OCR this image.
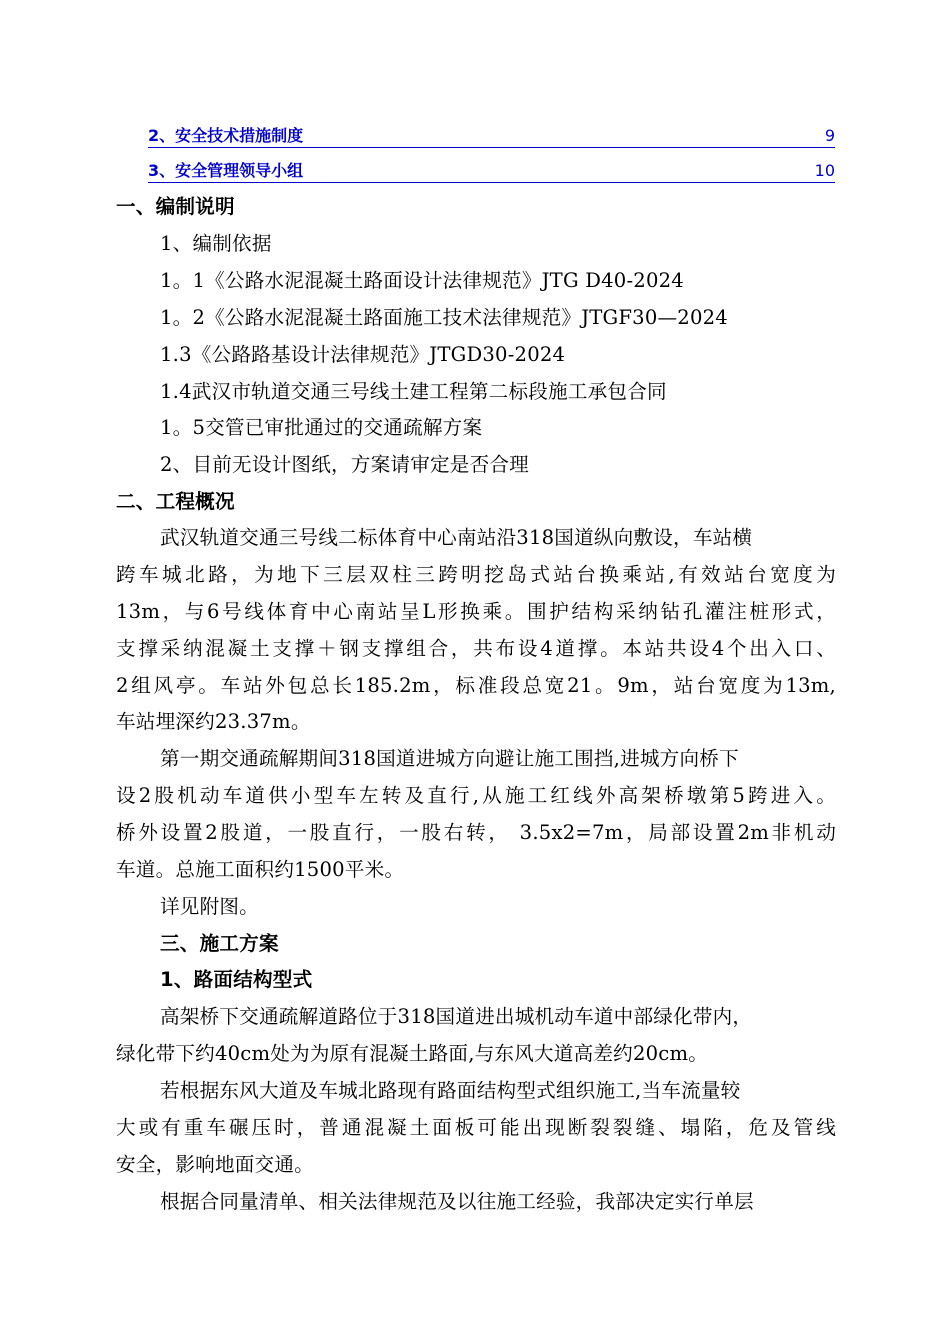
2、安全技术措施制度	9
3、安全管理领导小组	10
一、编制说明
1、编制依据
1。1《公路水泥混凝土路面设计法律规范》JTG D40-2024
1。2《公路水泥混凝土路面施工技术法律规范》JTGF30—2024
1.3《公路路基设计法律规范》JTGD30-2024
1.4武汉市轨道交通三号线土建工程第二标段施工承包合同
1。5交管已审批通过的交通疏解方案
2、目前无设计图纸，方案请审定是否合理
二、工程概况
武汉轨道交通三号线二标体育中心南站沿318国道纵向敷设，车站横
跨车城北路，为地下三层双柱三跨明挖岛式站台换乘站,有效站台宽度为
13m，与6号线体育中心南站呈L形换乘。围护结构采纳钻孔灌注桩形式，
支撑采纳混凝土支撑＋钢支撑组合，共布设4道撑。本站共设4个出入口、
2组风亭。车站外包总长185.2m，标准段总宽21。9m，站台宽度为13m,
车站埋深约23.37m。
第一期交通疏解期间318国道进城方向避让施工围挡,进城方向桥下
设2股机动车道供小型车左转及直行,从施工红线外高架桥墩第5跨进入。
桥外设置2股道，一股直行，一股右转， 3.5x2=7m，局部设置2m非机动
车道。总施工面积约1500平米。
详见附图。
三、施工方案
1、路面结构型式
高架桥下交通疏解道路位于318国道进出城机动车道中部绿化带内，
绿化带下约40cm处为为原有混凝土路面,与东风大道高差约20cm。
若根据东风大道及车城北路现有路面结构型式组织施工,当车流量较
大或有重车碾压时，普通混凝土面板可能出现断裂裂缝、塌陷，危及管线
安全，影响地面交通。
根据合同量清单、相关法律规范及以往施工经验，我部决定实行单层
